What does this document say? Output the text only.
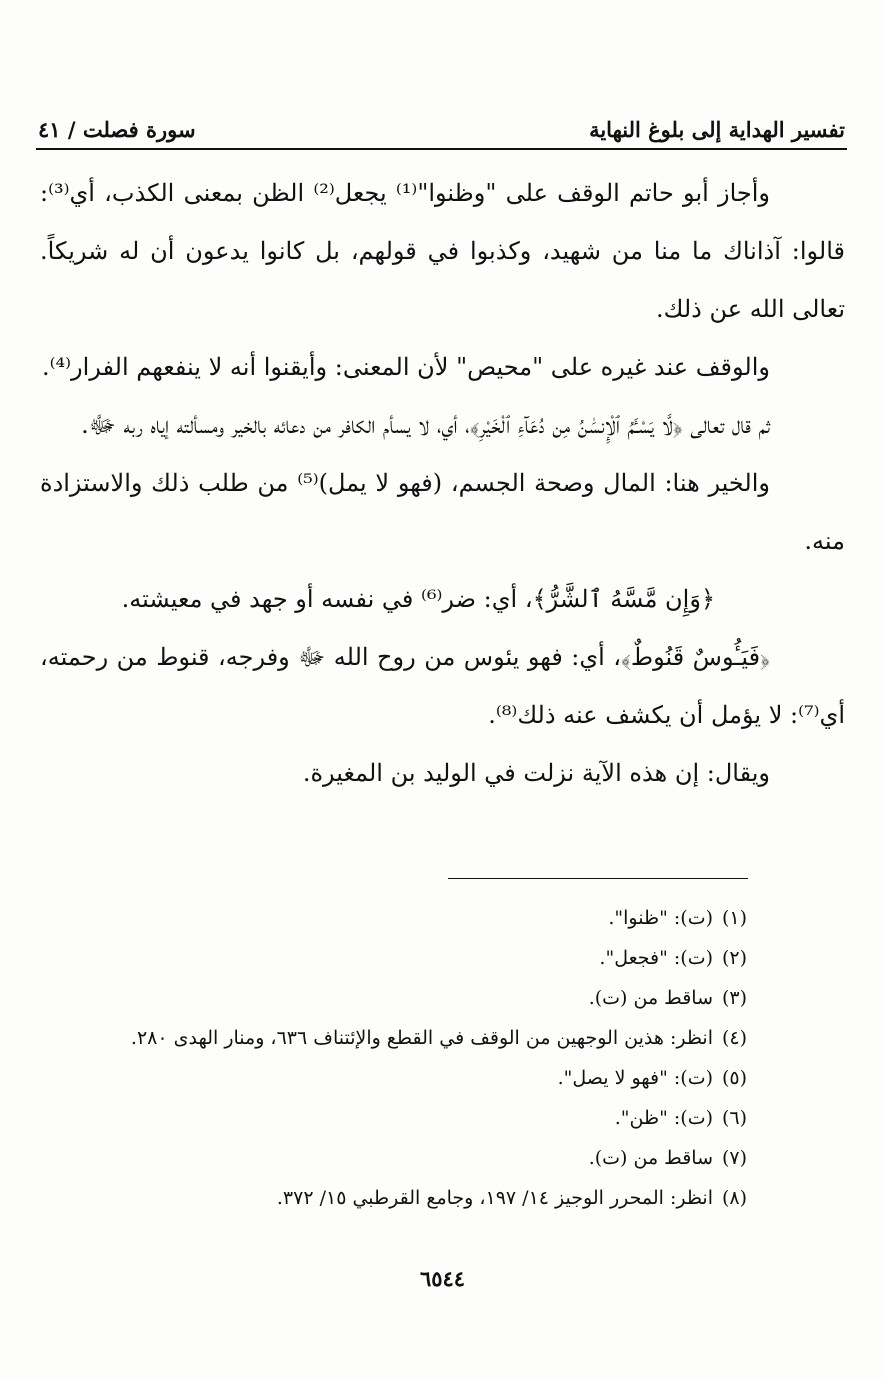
تفسير الهداية إلى بلوغ النهاية
سورة فصلت / ٤١

وأجاز أبو حاتم الوقف على "وظنوا"⁽¹⁾ يجعل⁽²⁾ الظن بمعنى الكذب، أي⁽³⁾: قالوا: آذاناك ما منا من شهيد، وكذبوا في قولهم، بل كانوا يدعون أن له شريكاً. تعالى الله عن ذلك.

والوقف عند غيره على "محيص" لأن المعنى: وأيقنوا أنه لا ينفعهم الفرار⁽⁴⁾.

ثم قال تعالى ﴿لَّا يَسْـَٔمُ ٱلْإِنسَٰنُ مِن دُعَآءِ ٱلْخَيْرِ﴾، أي، لا يسأم الكافر من دعائه بالخير ومسألته إياه ربه ﷻ.

والخير هنا: المال وصحة الجسم، (فهو لا يمل)⁽⁵⁾ من طلب ذلك والاستزادة منه.

﴿وَإِن مَّسَّهُ ٱلشَّرُّ﴾، أي: ضر⁽⁶⁾ في نفسه أو جهد في معيشته.

﴿فَيَـُٔوسٌ قَنُوطٌ﴾، أي: فهو يئوس من روح الله ﷻ وفرجه، قنوط من رحمته، أي⁽⁷⁾: لا يؤمل أن يكشف عنه ذلك⁽⁸⁾.

ويقال: إن هذه الآية نزلت في الوليد بن المغيرة.

(١)
(ت): "ظنوا".
(٢)
(ت): "فجعل".
(٣)
ساقط من (ت).
(٤)
انظر: هذين الوجهين من الوقف في القطع والإئتناف ٦٣٦، ومنار الهدى ٢٨٠.
(٥)
(ت): "فهو لا يصل".
(٦)
(ت): "ظن".
(٧)
ساقط من (ت).
(٨)
انظر: المحرر الوجيز ١٤/ ١٩٧، وجامع القرطبي ١٥/ ٣٧٢.
٦٥٤٤
